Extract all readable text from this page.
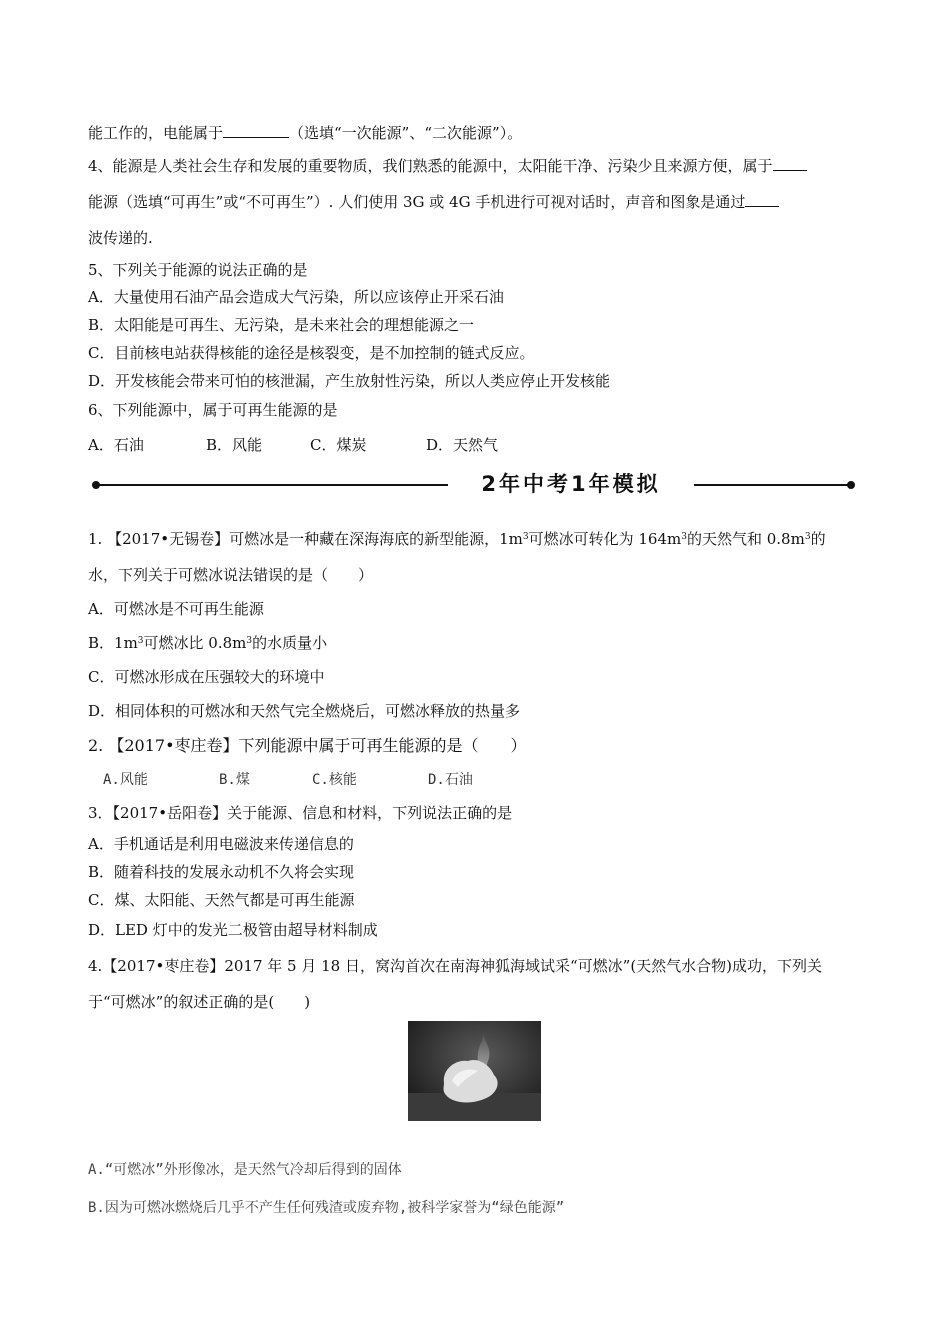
能工作的，电能属于	（选填“一次能源”、“二次能源”）。
4、能源是人类社会生存和发展的重要物质，我们熟悉的能源中，太阳能干净、污染少且来源方便，属于
能源（选填“可再生”或“不可再生”）. 人们使用 3G 或 4G 手机进行可视对话时，声音和图象是通过
波传递的.
5、下列关于能源的说法正确的是
A．大量使用石油产品会造成大气污染，所以应该停止开采石油
B．太阳能是可再生、无污染，是未来社会的理想能源之一
C．目前核电站获得核能的途径是核裂变，是不加控制的链式反应。
D．开发核能会带来可怕的核泄漏，产生放射性污染，所以人类应停止开发核能
6、下列能源中，属于可再生能源的是
A．石油	B．风能	C．煤炭	D．天然气
2年中考1年模拟
1. 【2017•无锡卷】可燃冰是一种藏在深海海底的新型能源，$1m^3$可燃冰可转化为 $164m^3$的天然气和 $0.8m^3$的
水，下列关于可燃冰说法错误的是（　　）
A．可燃冰是不可再生能源
B．$1m^3$可燃冰比 $0.8m^3$的水质量小
C．可燃冰形成在压强较大的环境中
D．相同体积的可燃冰和天然气完全燃烧后，可燃冰释放的热量多
2. 【2017•枣庄卷】下列能源中属于可再生能源的是（　　）
A.风能	B.煤	C.核能	D.石油
3．【2017•岳阳卷】关于能源、信息和材料，下列说法正确的是
A．手机通话是利用电磁波来传递信息的
B．随着科技的发展永动机不久将会实现
C．煤、太阳能、天然气都是可再生能源
D．LED 灯中的发光二极管由超导材料制成
4.【2017•枣庄卷】2017 年 5 月 18 日，窝沟首次在南海神狐海域试采“可燃冰”(天然气水合物)成功，下列关
于“可燃冰”的叙述正确的是(　　)
A.“可燃冰”外形像冰，是天然气冷却后得到的固体
B.因为可燃冰燃烧后几乎不产生任何残渣或废弃物,被科学家誉为“绿色能源”
